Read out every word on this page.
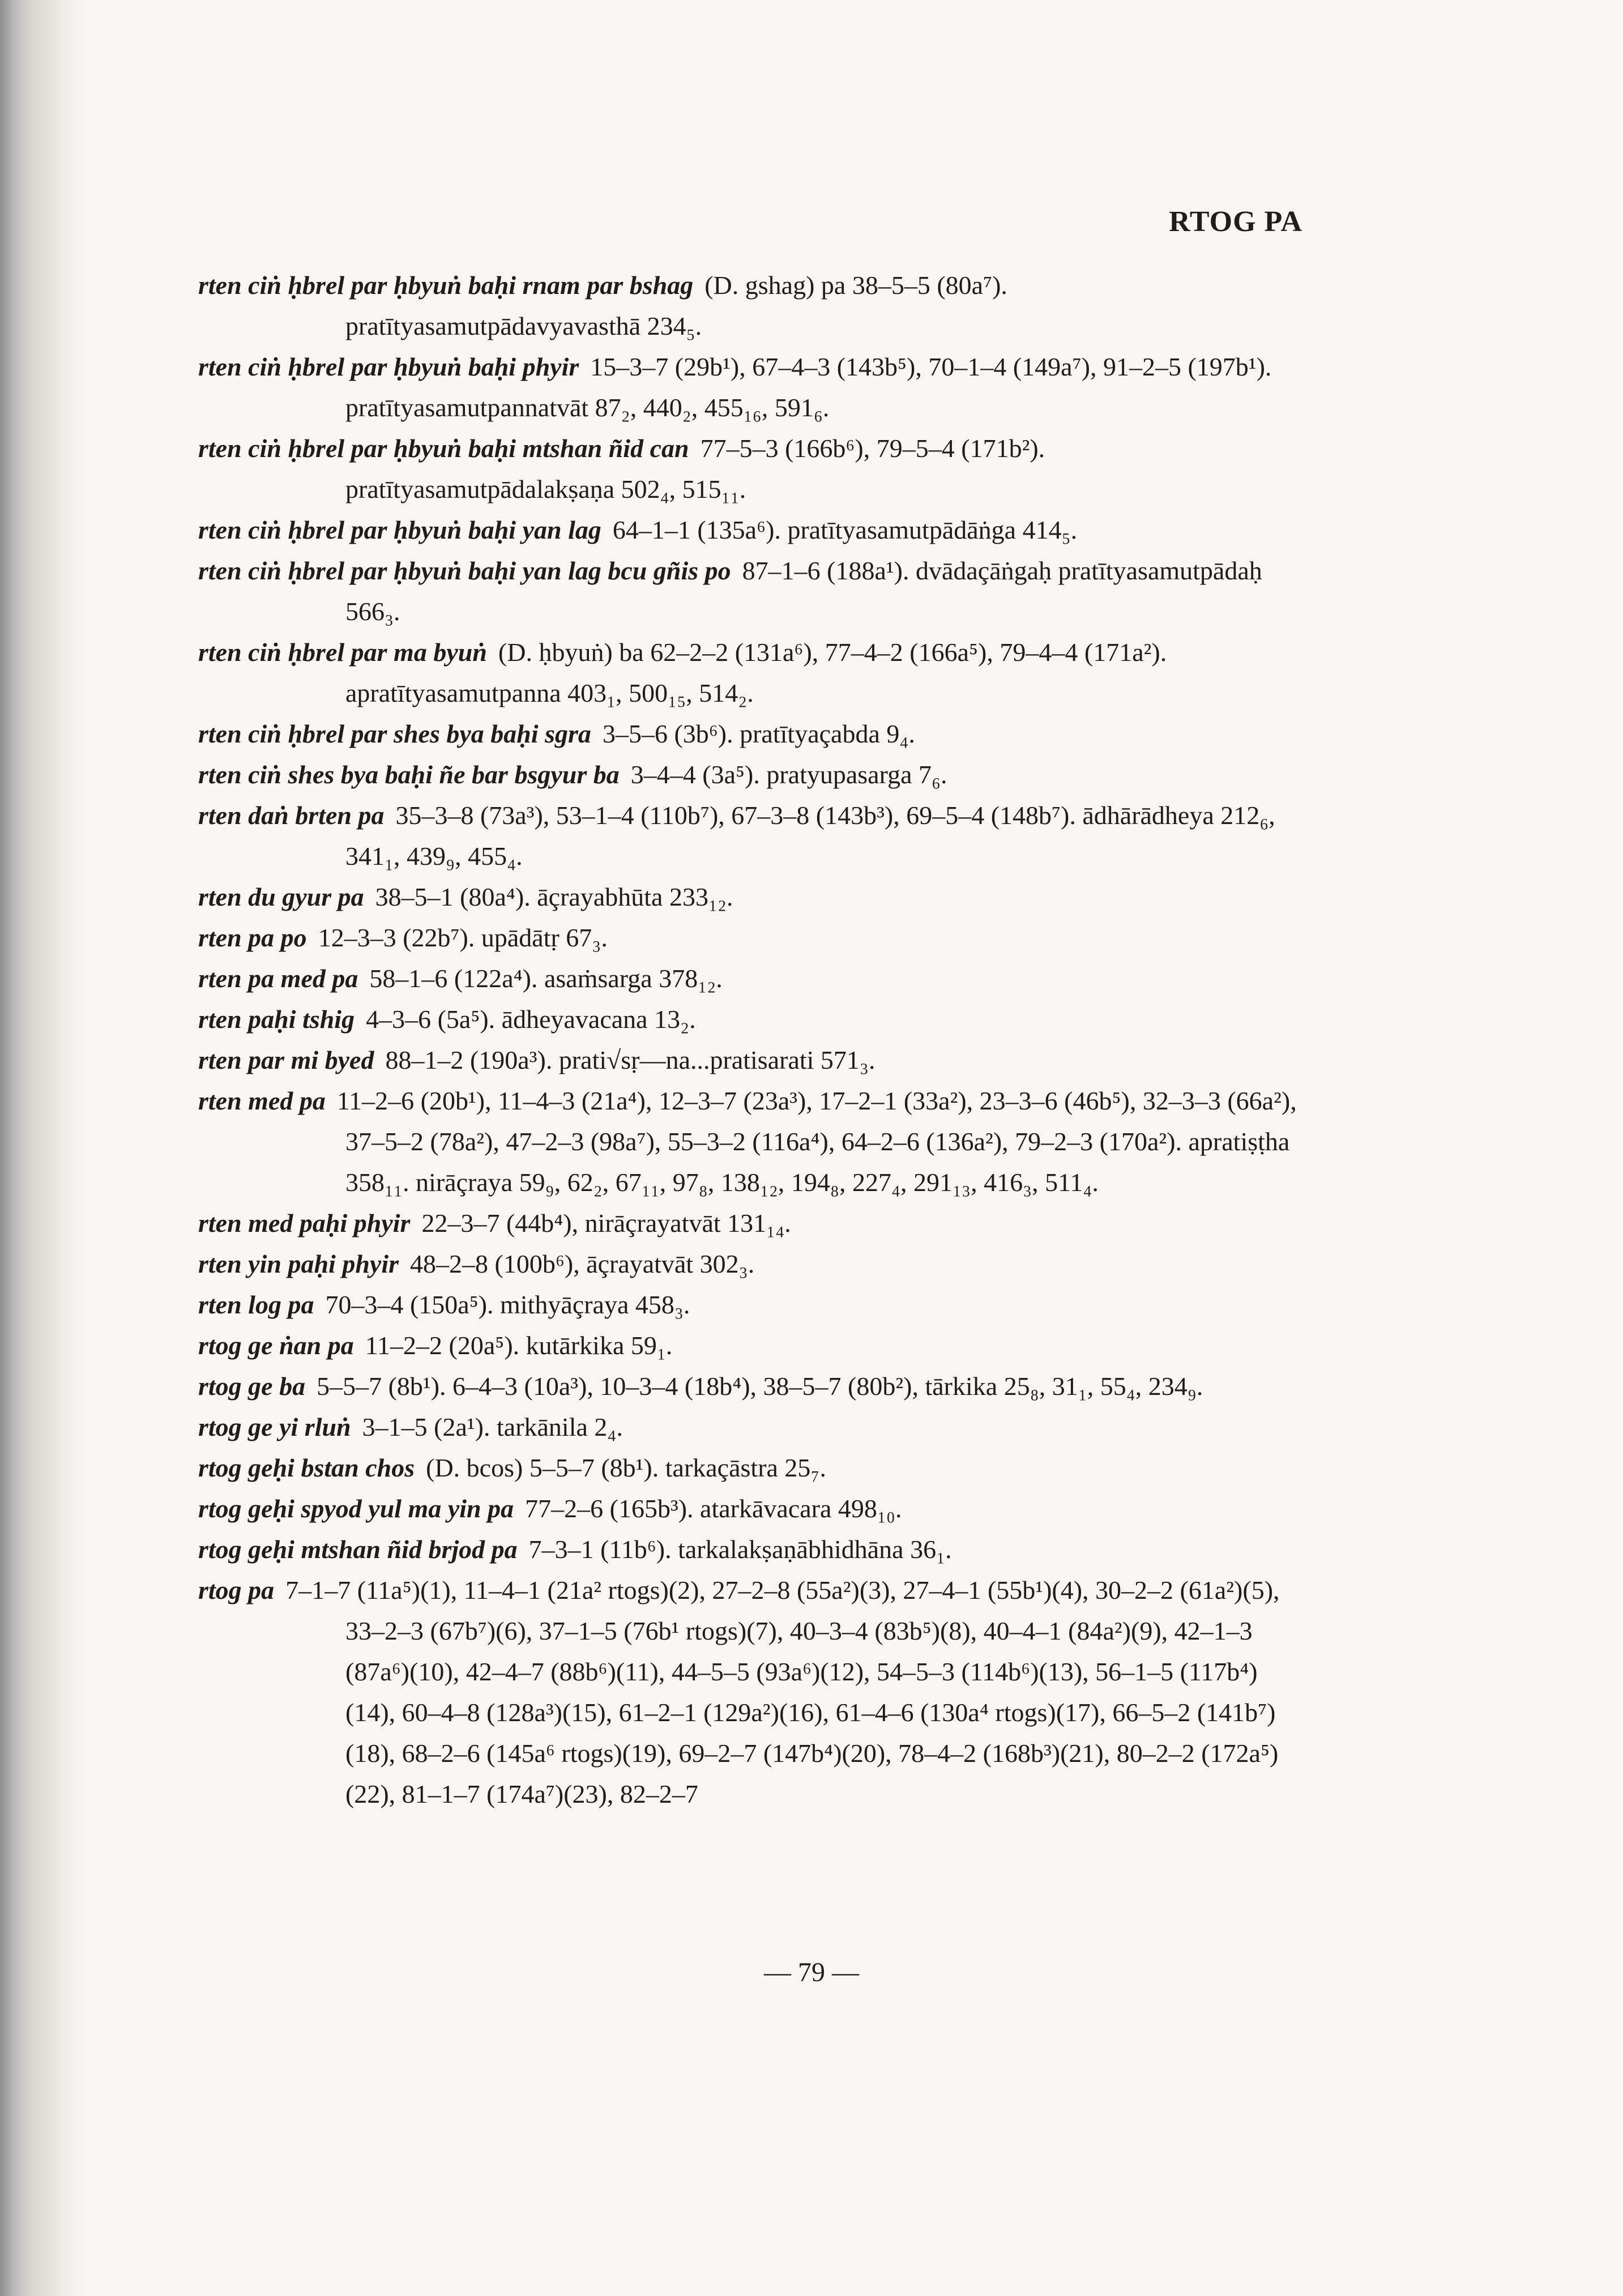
RTOG PA

rten ciṅ ḥbrel par ḥbyuṅ baḥi rnam par bshag (D. gshag) pa 38–5–5 (80a⁷). pratītyasamutpādavyavasthā 234₅.

rten ciṅ ḥbrel par ḥbyuṅ baḥi phyir 15–3–7 (29b¹), 67–4–3 (143b⁵), 70–1–4 (149a⁷), 91–2–5 (197b¹). pratītyasamutpannatvāt 87₂, 440₂, 455₁₆, 591₆.

rten ciṅ ḥbrel par ḥbyuṅ baḥi mtshan ñid can 77–5–3 (166b⁶), 79–5–4 (171b²). pratītyasamutpādalakṣaṇa 502₄, 515₁₁.

rten ciṅ ḥbrel par ḥbyuṅ baḥi yan lag 64–1–1 (135a⁶). pratītyasamutpādāṅga 414₅.

rten ciṅ ḥbrel par ḥbyuṅ baḥi yan lag bcu gñis po 87–1–6 (188a¹). dvādaçāṅgaḥ pratītyasamutpādaḥ 566₃.

rten ciṅ ḥbrel par ma byuṅ (D. ḥbyuṅ) ba 62–2–2 (131a⁶), 77–4–2 (166a⁵), 79–4–4 (171a²). apratītyasamutpanna 403₁, 500₁₅, 514₂.

rten ciṅ ḥbrel par shes bya baḥi sgra 3–5–6 (3b⁶). pratītyaçabda 9₄.

rten ciṅ shes bya baḥi ñe bar bsgyur ba 3–4–4 (3a⁵). pratyupasarga 7₆.

rten daṅ brten pa 35–3–8 (73a³), 53–1–4 (110b⁷), 67–3–8 (143b³), 69–5–4 (148b⁷). ādhārādheya 212₆, 341₁, 439₉, 455₄.

rten du gyur pa 38–5–1 (80a⁴). āçrayabhūta 233₁₂.

rten pa po 12–3–3 (22b⁷). upādātṛ 67₃.

rten pa med pa 58–1–6 (122a⁴). asaṁsarga 378₁₂.

rten paḥi tshig 4–3–6 (5a⁵). ādheyavacana 13₂.

rten par mi byed 88–1–2 (190a³). prati√sṛ—na...pratisarati 571₃.

rten med pa 11–2–6 (20b¹), 11–4–3 (21a⁴), 12–3–7 (23a³), 17–2–1 (33a²), 23–3–6 (46b⁵), 32–3–3 (66a²), 37–5–2 (78a²), 47–2–3 (98a⁷), 55–3–2 (116a⁴), 64–2–6 (136a²), 79–2–3 (170a²). apratiṣṭha 358₁₁. nirāçraya 59₉, 62₂, 67₁₁, 97₈, 138₁₂, 194₈, 227₄, 291₁₃, 416₃, 511₄.

rten med paḥi phyir 22–3–7 (44b⁴), nirāçrayatvāt 131₁₄.

rten yin paḥi phyir 48–2–8 (100b⁶), āçrayatvāt 302₃.

rten log pa 70–3–4 (150a⁵). mithyāçraya 458₃.

rtog ge ṅan pa 11–2–2 (20a⁵). kutārkika 59₁.

rtog ge ba 5–5–7 (8b¹). 6–4–3 (10a³), 10–3–4 (18b⁴), 38–5–7 (80b²), tārkika 25₈, 31₁, 55₄, 234₉.

rtog ge yi rluṅ 3–1–5 (2a¹). tarkānila 2₄.

rtog geḥi bstan chos (D. bcos) 5–5–7 (8b¹). tarkaçāstra 25₇.

rtog geḥi spyod yul ma yin pa 77–2–6 (165b³). atarkāvacara 498₁₀.

rtog geḥi mtshan ñid brjod pa 7–3–1 (11b⁶). tarkalakṣaṇābhidhāna 36₁.

rtog pa 7–1–7 (11a⁵)(1), 11–4–1 (21a² rtogs)(2), 27–2–8 (55a²)(3), 27–4–1 (55b¹)(4), 30–2–2 (61a²)(5), 33–2–3 (67b⁷)(6), 37–1–5 (76b¹ rtogs)(7), 40–3–4 (83b⁵)(8), 40–4–1 (84a²)(9), 42–1–3 (87a⁶)(10), 42–4–7 (88b⁶)(11), 44–5–5 (93a⁶)(12), 54–5–3 (114b⁶)(13), 56–1–5 (117b⁴)(14), 60–4–8 (128a³)(15), 61–2–1 (129a²)(16), 61–4–6 (130a⁴ rtogs)(17), 66–5–2 (141b⁷)(18), 68–2–6 (145a⁶ rtogs)(19), 69–2–7 (147b⁴)(20), 78–4–2 (168b³)(21), 80–2–2 (172a⁵)(22), 81–1–7 (174a⁷)(23), 82–2–7

— 79 —
